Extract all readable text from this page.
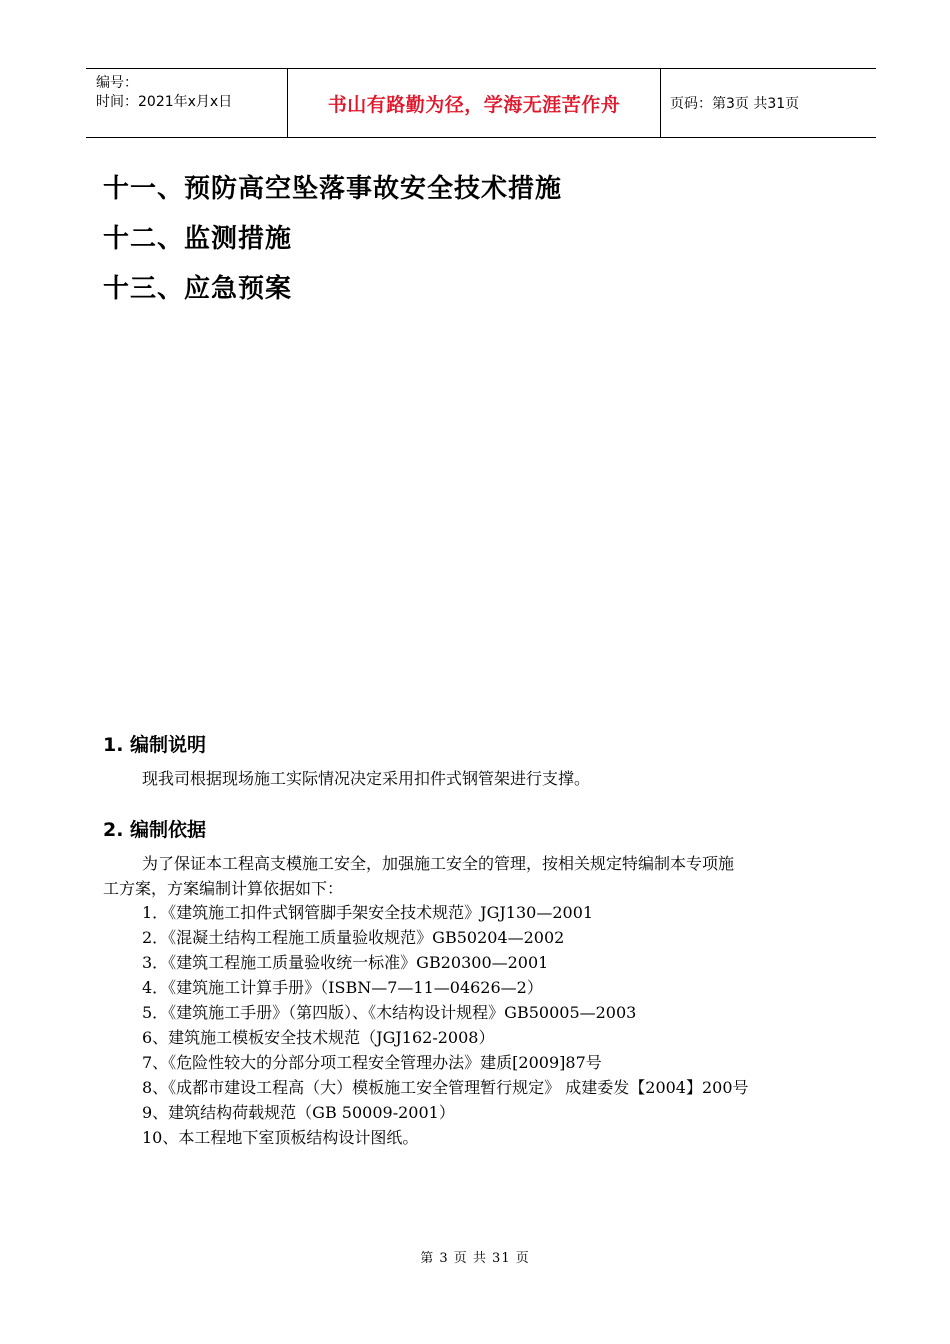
编号：
时间：2021年x月x日	书山有路勤为径，学海无涯苦作舟	页码：第3页 共31页
十一、预防高空坠落事故安全技术措施
十二、监测措施
十三、应急预案
1. 编制说明
现我司根据现场施工实际情况决定采用扣件式钢管架进行支撑。
2. 编制依据
为了保证本工程高支模施工安全，加强施工安全的管理，按相关规定特编制本专项施
工方案，方案编制计算依据如下：
1．《建筑施工扣件式钢管脚手架安全技术规范》JGJ130—2001
2．《混凝土结构工程施工质量验收规范》GB50204—2002
3．《建筑工程施工质量验收统一标准》GB20300—2001
4．《建筑施工计算手册》（ISBN—7—11—04626—2）
5．《建筑施工手册》（第四版）、《木结构设计规程》GB50005—2003
6、建筑施工模板安全技术规范（JGJ162-2008）
7、《危险性较大的分部分项工程安全管理办法》建质[2009]87号
8、《成都市建设工程高（大）模板施工安全管理暂行规定》 成建委发【2004】200号
9、建筑结构荷载规范（GB 50009-2001）
10、本工程地下室顶板结构设计图纸。
第 3 页 共 31 页
